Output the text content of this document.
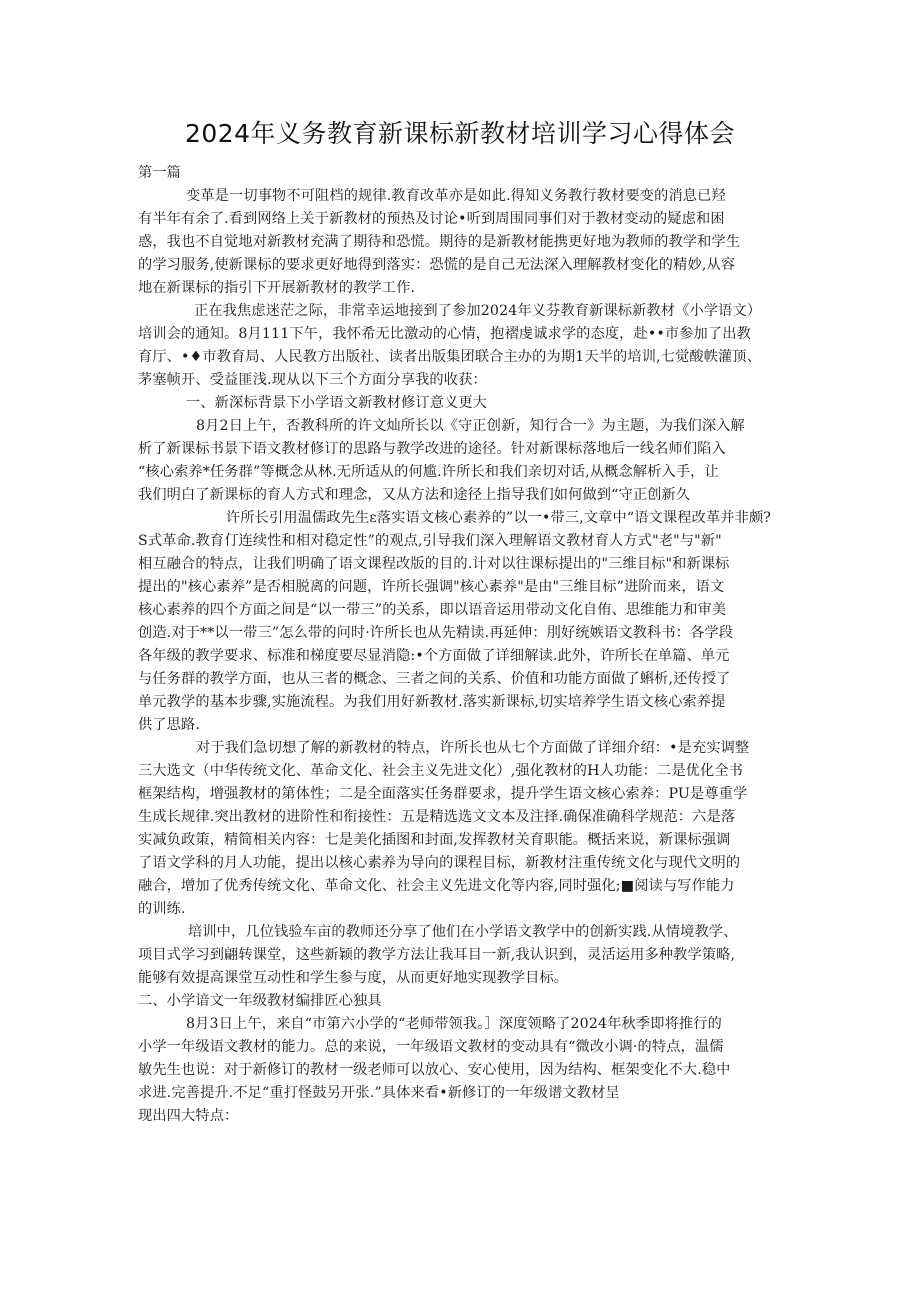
2024年义务教育新课标新教材培训学习心得体会
第一篇
变革是一切事物不可阻档的规律.教育改革亦是如此.得知义务教行教材要变的消息已羟
有半年有余了.看到网络上关于新教材的预热及讨论•听到周围同事们对于教材变动的疑虑和困
惑，我也不自觉地对新教材充满了期待和恐慌。期待的是新教材能携更好地为教师的教学和学生
的学习服务,使新课标的要求更好地得到落实：恐慌的是自己无法深入理解教材变化的精妙,从容
地在新课标的指引下开展新教材的教学工作.
正在我焦虑迷茫之际，非常幸运地接到了参加2024年义芬教育新课标新教材《小学语文）
培训会的通知。8月111下午，我怀希无比激动的心情，抱褶虔诚求学的态度，赴••市参加了出教
育厅、•♦市教育局、人民教方出版社、读者出版集团联合主办的为期1天半的培训,七觉酸帙灌顶、
茅塞帧开、受益匪浅.现从以下三个方面分享我的收获：
一、新深标背景下小学语文新教材修订意义更大
8月2日上午，否教科所的许文灿所长以《守正创新，知行合一》为主题，为我们深入解
析了新课标书景下语文教材修订的思路与教学改进的途径。针对新课标落地后一线名师们陷入
“核心索养*任务群”等概念从林.无所适从的何尴.许所长和我们亲切对话,从概念解析入手，让
我们明白了新课标的育人方式和理念，又从方法和途径上指导我们如何做到“守正创新久
许所长引用温儒政先生ε落实语文核心素养的”以一•带三,文章中“语文课程改革并非颇?
S式革命.教育仃连续性和相对稳定性”的观点,引导我们深入理解语文教材育人方式"老"与"新"
相互融合的特点，让我们明确了语文课程改版的目的.计对以往课标提出的"三维目标"和新课标
提出的"核心素养”是否相脱离的问题，许所长强调"核心素养"是由"三维目标”进阶而来，语文
核心素养的四个方面之间是“以一带三”的关系，即以语音运用带动文化自侑、思维能力和审美
创造.对于**以一带三”怎么带的问时·许所长也从先精读.再延伸：刖好统嫉语文教科书：各学段
各年级的教学要求、标准和梯度要尽显消隐:•个方面做了详细解读.此外，许所长在单篇、单元
与任务群的教学方面，也从三者的概念、三者之间的关系、价值和功能方面做了蝌析,还传授了
单元教学的基本步骤,实施流程。为我们用好新教材.落实新课标,切实培养学生语文核心索养提
供了思路.
对于我们急切想了解的新教材的特点，许所长也从七个方面做了详细介绍：•是充实调整
三大选文（中华传统文化、革命文化、社会主义先进文化）,强化教材的H人功能：二是优化全书
框架结构，增强教材的第体性；二是全面落实任务群要求，提升学生语文核心索养：PU是尊重学
生成长规律.突出教材的进阶性和衔接性：五是精选选文文本及注择.确保准确科学规范：六是落
实减负政策，精简相关内容：七是美化插图和封面,发挥教材关育职能。概括来说，新课标强调
了语文学科的月人功能，提出以核心素养为导向的课程目标，新教材注重传统文化与现代文明的
融合，增加了优秀传统文化、革命文化、社会主义先进文化等内容,同时强化;■阅读与写作能力
的训练.
培训中，几位钱验车亩的教师还分享了他们在小学语文教学中的创新实践.从情境教学、
项目式学习到翩转课堂，这些新颖的教学方法让我耳目一新,我认识到，灵活运用多种教学策略,
能够有效提高课堂互动性和学生参与度，从而更好地实现教学目标。
二、小学谙文一年级教材编排匠心独具
8月3日上午，来自“市第六小学的“老师带领我。］深度领略了2024年秋季即将推行的
小学一年级语文教材的能力。总的来说，一年级语文教材的变动具有“微改小调·的特点，温儒
敏先生也说：对于新修订的教材一级老师可以放心、安心使用，因为结构、框架变化不大.稳中
求进.完善提升.不足“重打怪鼓另开张.”具体来看•新修订的一年级谱文教材呈
现出四大特点：
